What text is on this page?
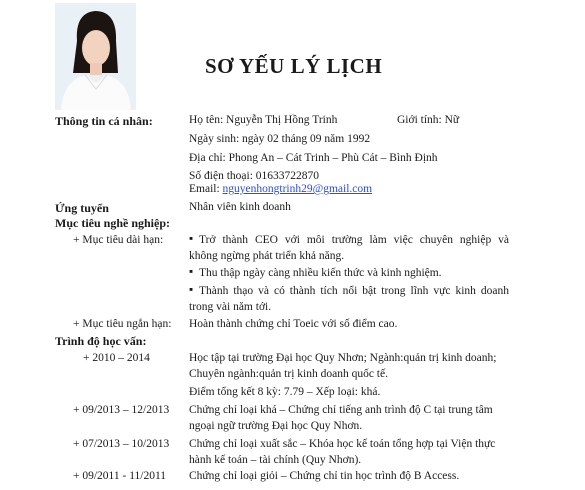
SƠ YẾU LÝ LỊCH
Thông tin cá nhân:	Họ tên: Nguyễn Thị Hồng Trinh	Giới tính: Nữ
Ngày sinh: ngày 02 tháng 09 năm 1992
Địa chỉ: Phong An – Cát Trinh – Phù Cát – Bình Định
Số điện thoại: 01633722870
Email: nguyenhongtrinh29@gmail.com
Ứng tuyển	Nhân viên kinh doanh
Mục tiêu nghề nghiệp:
+ Mục tiêu dài hạn: ▪ Trở thành CEO với môi trường làm việc chuyên nghiệp và
không ngừng phát triển khả năng.
▪ Thu thập ngày càng nhiều kiến thức và kinh nghiệm.
▪ Thành thạo và có thành tích nổi bật trong lĩnh vực kinh doanh
trong vài năm tới.
+ Mục tiêu ngắn hạn: Hoàn thành chứng chỉ Toeic với số điểm cao.
Trình độ học vấn:
+ 2010 – 2014	Học tập tại trường Đại học Quy Nhơn; Ngành:quản trị kinh doanh;
Chuyên ngành:quản trị kinh doanh quốc tế.
Điểm tổng kết 8 kỳ: 7.79 – Xếp loại: khá.
+ 09/2013 – 12/2013 Chứng chỉ loại khá – Chứng chỉ tiếng anh trình độ C tại trung tâm
ngoại ngữ trường Đại học Quy Nhơn.
+ 07/2013 – 10/2013 Chứng chỉ loại xuất sắc – Khóa học kế toán tổng hợp tại Viện thực
hành kế toán – tài chính (Quy Nhơn).
+ 09/2011 - 11/2011 Chứng chỉ loại giỏi – Chứng chỉ tin học trình độ B Access.
